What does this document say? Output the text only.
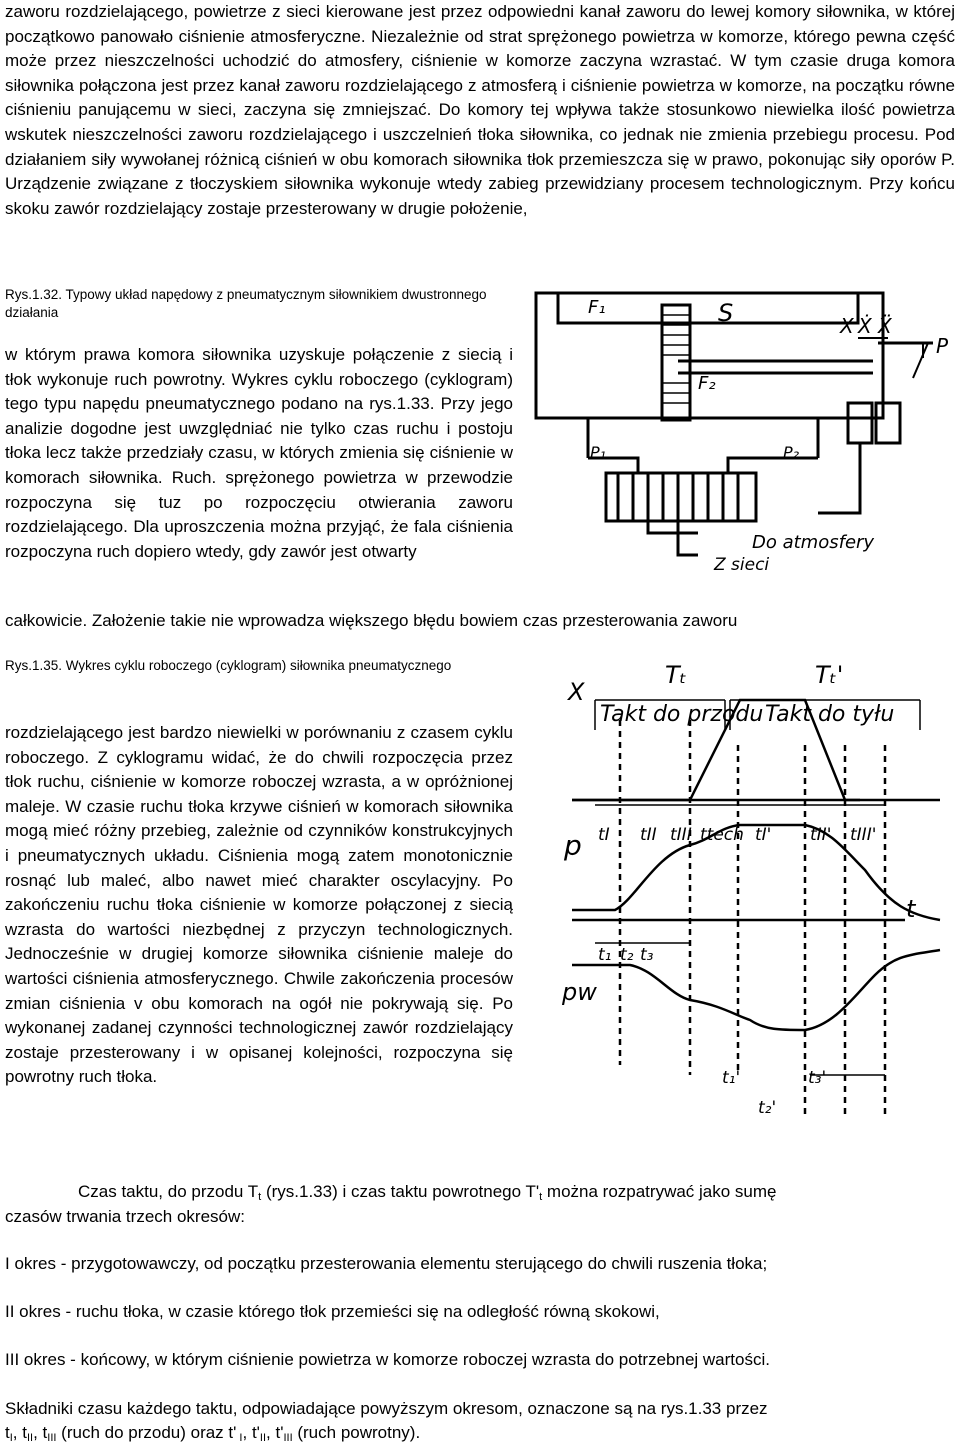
zaworu rozdzielającego, powietrze z sieci kierowane jest przez odpowiedni kanał zaworu do lewej komory siłownika, w której początkowo panowało ciśnienie atmosferyczne. Niezależnie od strat sprężonego powietrza w komorze, którego pewna część może przez nieszczelności uchodzić do atmosfery, ciśnienie w komorze zaczyna wzrastać. W tym czasie druga komora siłownika połączona jest przez kanał zaworu rozdzielającego z atmosferą i ciśnienie powietrza w komorze, na początku równe ciśnieniu panującemu w sieci, zaczyna się zmniejszać. Do komory tej wpływa także stosunkowo niewielka ilość powietrza wskutek nieszczelności zaworu rozdzielającego i uszczelnień tłoka siłownika, co jednak nie zmienia przebiegu procesu. Pod działaniem siły wywołanej różnicą ciśnień w obu komorach siłownika tłok przemieszcza się w prawo, pokonując siły oporów P. Urządzenie związane z tłoczyskiem siłownika wykonuje wtedy zabieg przewidziany procesem technologicznym. Przy końcu skoku zawór rozdzielający zostaje przesterowany w drugie położenie,

Rys.1.32. Typowy układ napędowy z pneumatycznym siłownikiem dwustronnego działania	F₁	S	X Ẋ Ẍ
P
F₂
P₁	P₂
Do atmosfery
Z sieci

w którym prawa komora siłownika uzyskuje połączenie z siecią i tłok wykonuje ruch powrotny. Wykres cyklu roboczego (cyklogram) tego typu napędu pneumatycznego podano na rys.1.33. Przy jego analizie dogodne jest uwzględniać nie tylko czas ruchu i postoju tłoka lecz także przedziały czasu, w których zmienia się ciśnienie w komorach siłownika. Ruch. sprężonego powietrza w przewodzie rozpoczyna się tuz po rozpoczęciu otwierania zaworu rozdzielającego. Dla uproszczenia można przyjąć, że fala ciśnienia rozpoczyna ruch dopiero wtedy, gdy zawór jest otwarty

całkowicie. Założenie takie nie wprowadza większego błędu bowiem czas przesterowania zaworu

Rys.1.35. Wykres cyklu roboczego (cyklogram) siłownika pneumatycznego

X
Tₜ	Tₜ'
Takt do przodu Takt do tyłu
tI tII tIII ttech tI' tII' tIII'
p
t
pw
t₁ t₂ t₃
t₁'
t₂'
t₃'

rozdzielającego jest bardzo niewielki w porównaniu z czasem cyklu roboczego. Z cyklogramu widać, że do chwili rozpoczęcia przez tłok ruchu, ciśnienie w komorze roboczej wzrasta, a w opróżnionej maleje. W czasie ruchu tłoka krzywe ciśnień w komorach siłownika mogą mieć różny przebieg, zależnie od czynników konstrukcyjnych i pneumatycznych układu. Ciśnienia mogą zatem monotonicznie rosnąć lub maleć, albo nawet mieć charakter oscylacyjny. Po zakończeniu ruchu tłoka ciśnienie w komorze połączonej z siecią wzrasta do wartości niezbędnej z przyczyn technologicznych. Jednocześnie w drugiej komorze siłownika ciśnienie maleje do wartości ciśnienia atmosferycznego. Chwile zakończenia procesów zmian ciśnienia v obu komorach na ogół nie pokrywają się. Po wykonanej zadanej czynności technologicznej zawór rozdzielający zostaje przesterowany i w opisanej kolejności, rozpoczyna się powrotny ruch tłoka.

Czas taktu, do przodu $T_t$ (rys.1.33) i czas taktu powrotnego $T'_t$ można rozpatrywać jako sumę

czasów trwania trzech okresów:

I okres - przygotowawczy, od początku przesterowania elementu sterującego do chwili ruszenia tłoka;

II okres - ruchu tłoka, w czasie którego tłok przemieści się na odległość równą skokowi,

III okres - końcowy, w którym ciśnienie powietrza w komorze roboczej wzrasta do potrzebnej wartości.

Składniki czasu każdego taktu, odpowiadające powyższym okresom, oznaczone są na rys.1.33 przez

$t_I$, $t_{II}$, $t_{III}$ (ruch do przodu) oraz t' $_I$, $t'_{II}$, $t'_{III}$ (ruch powrotny).
